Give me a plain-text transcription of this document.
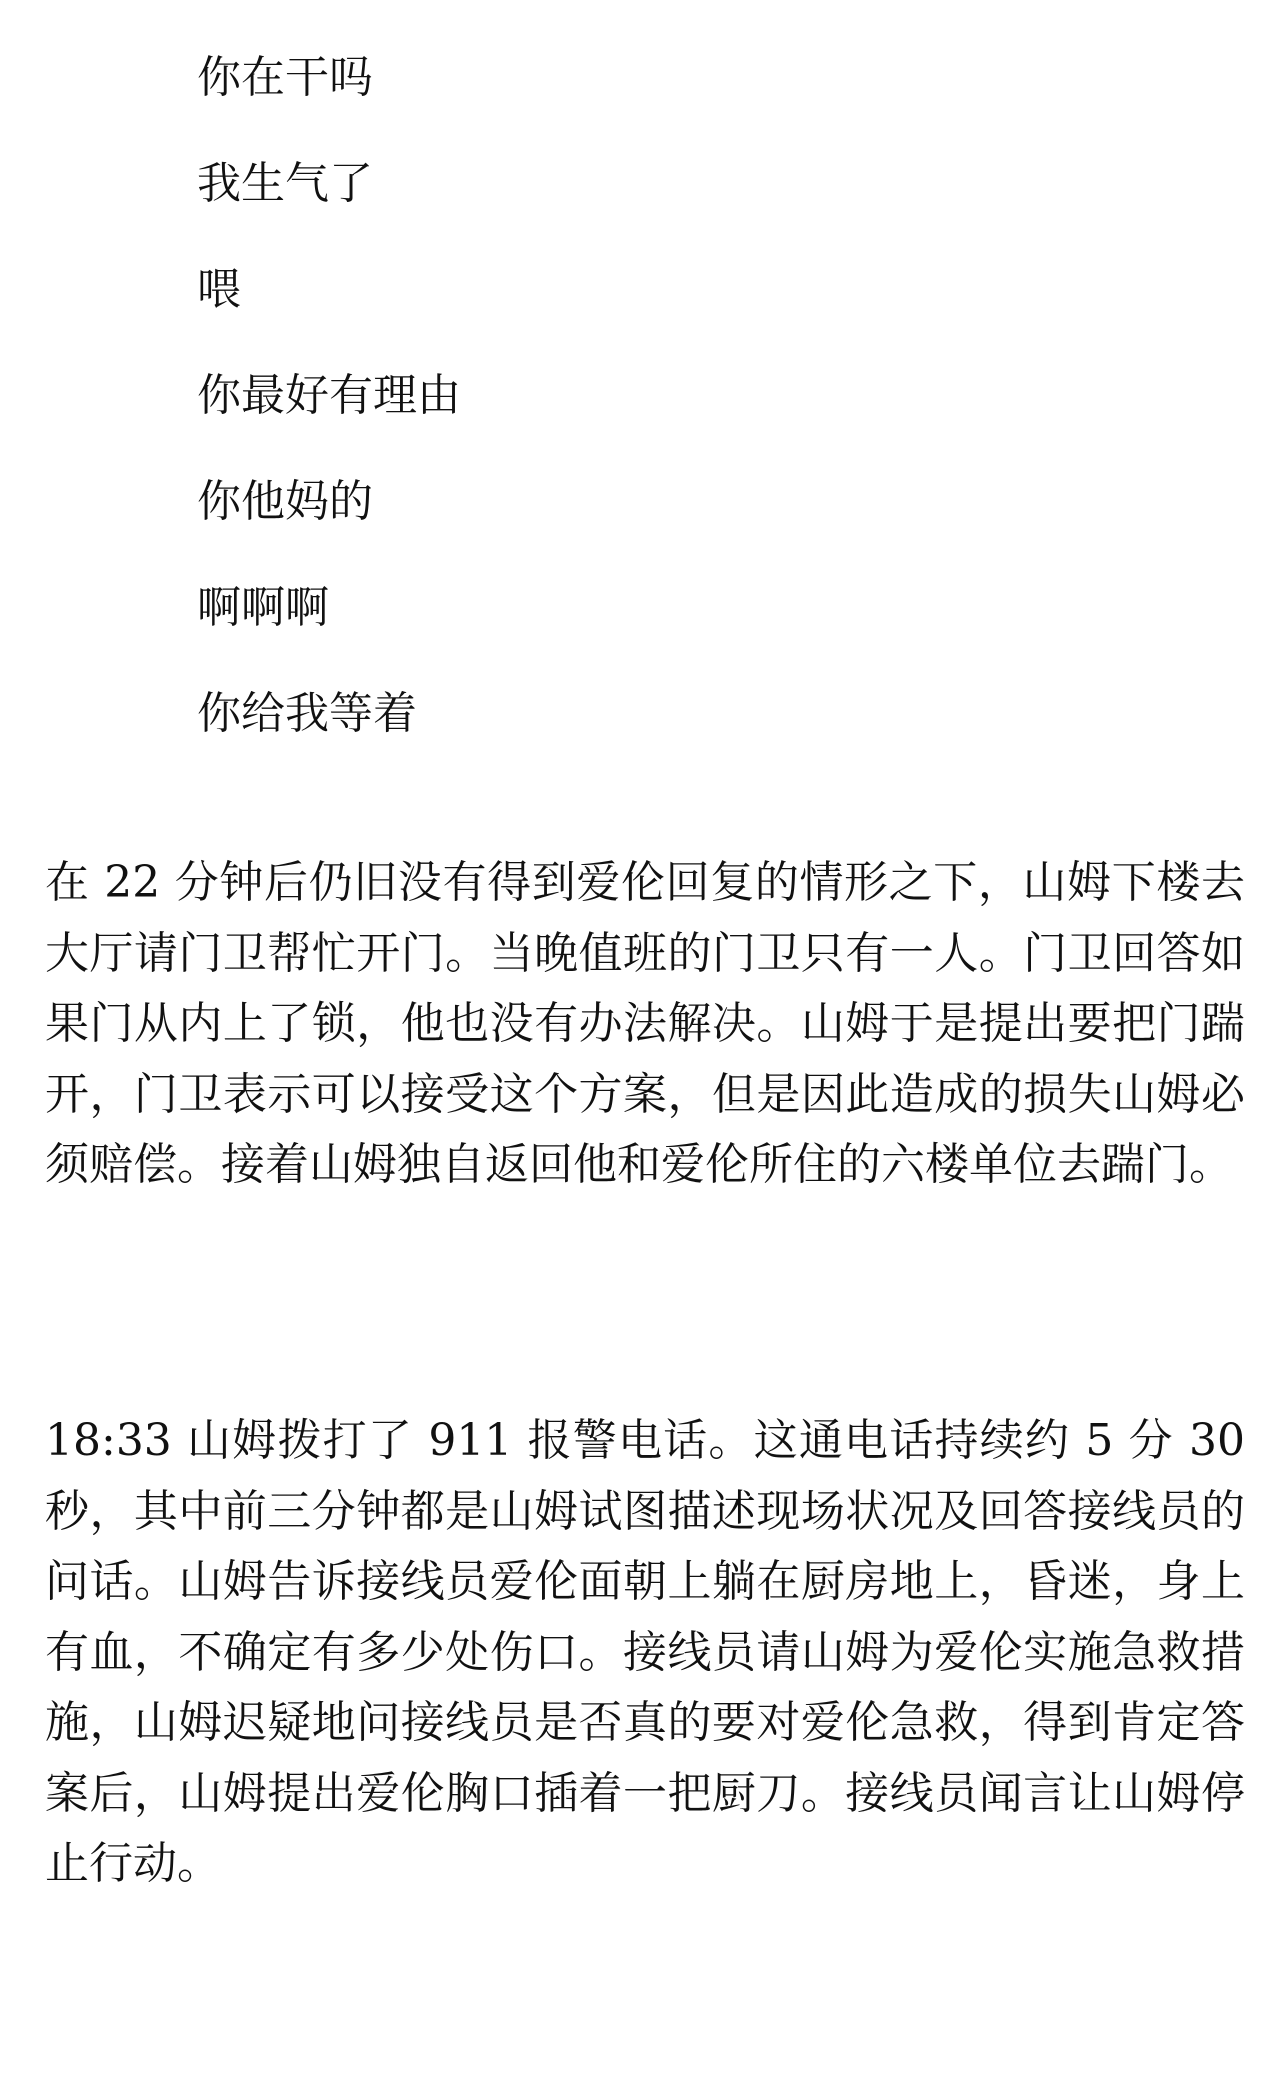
你在干吗
我生气了
喂
你最好有理由
你他妈的
啊啊啊
你给我等着

在 22 分钟后仍旧没有得到爱伦回复的情形之下，山姆下楼去大厅请门卫帮忙开门。当晚值班的门卫只有一人。门卫回答如果门从内上了锁，他也没有办法解决。山姆于是提出要把门踹开，门卫表示可以接受这个方案，但是因此造成的损失山姆必须赔偿。接着山姆独自返回他和爱伦所住的六楼单位去踹门。

18:33 山姆拨打了 911 报警电话。这通电话持续约 5 分 30 秒，其中前三分钟都是山姆试图描述现场状况及回答接线员的问话。山姆告诉接线员爱伦面朝上躺在厨房地上，昏迷，身上有血，不确定有多少处伤口。接线员请山姆为爱伦实施急救措施，山姆迟疑地问接线员是否真的要对爱伦急救，得到肯定答案后，山姆提出爱伦胸口插着一把厨刀。接线员闻言让山姆停止行动。
